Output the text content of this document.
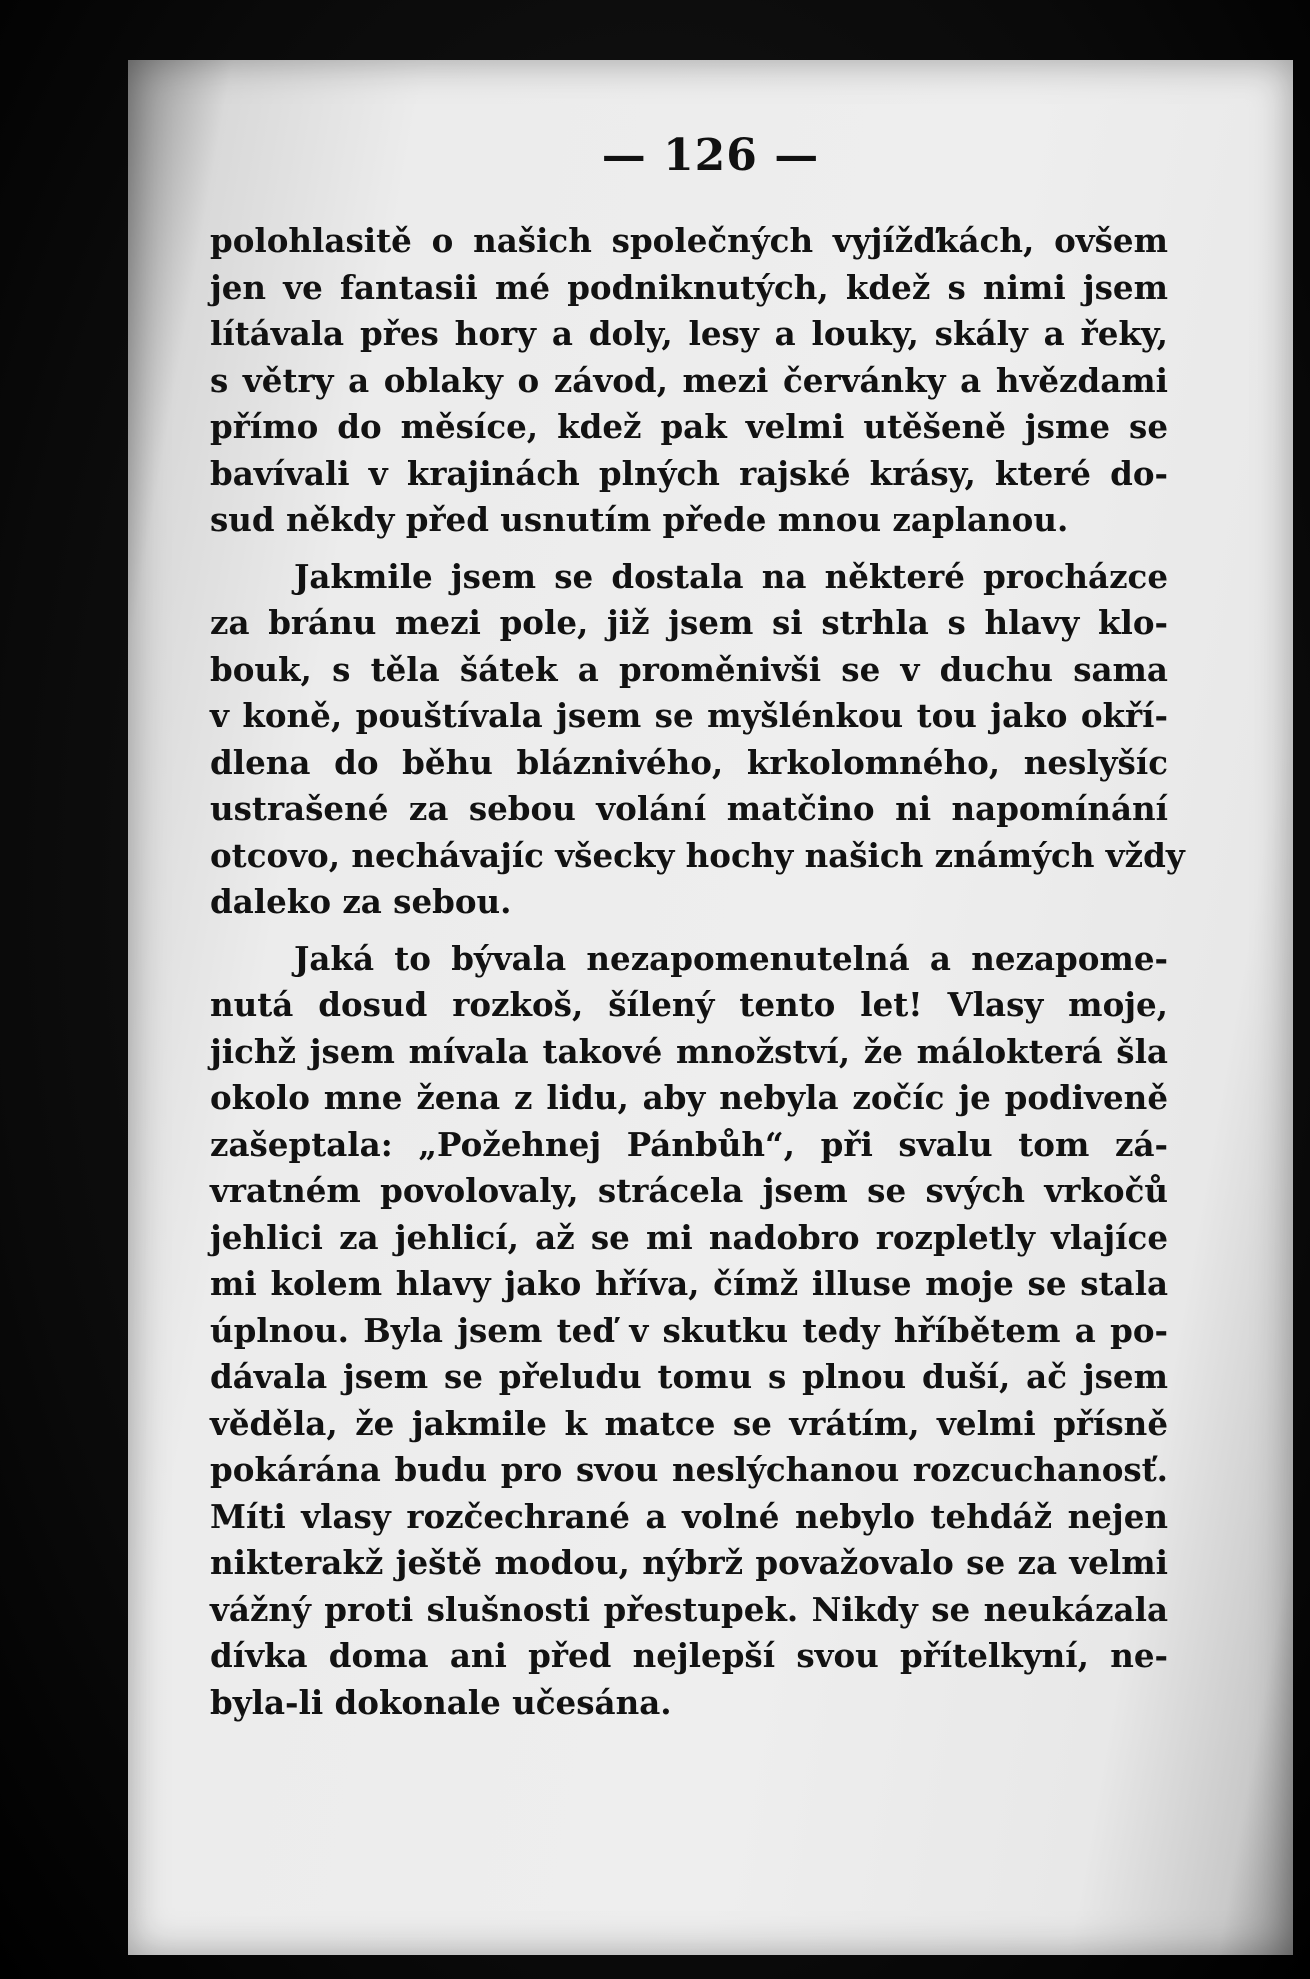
— 126 —
polohlasitě o našich společných vyjížďkách, ovšem
jen ve fantasii mé podniknutých, kdež s nimi jsem
lítávala přes hory a doly, lesy a louky, skály a řeky,
s větry a oblaky o závod, mezi červánky a hvězdami
přímo do měsíce, kdež pak velmi utěšeně jsme se
bavívali v krajinách plných rajské krásy, které do-
sud někdy před usnutím přede mnou zaplanou.
Jakmile jsem se dostala na některé procházce
za bránu mezi pole, již jsem si strhla s hlavy klo-
bouk, s těla šátek a proměnivši se v duchu sama
v koně, pouštívala jsem se myšlénkou tou jako okří-
dlena do běhu bláznivého, krkolomného, neslyšíc
ustrašené za sebou volání matčino ni napomínání
otcovo, nechávajíc všecky hochy našich známých vždy
daleko za sebou.
Jaká to bývala nezapomenutelná a nezapome-
nutá dosud rozkoš, šílený tento let! Vlasy moje,
jichž jsem mívala takové množství, že málokterá šla
okolo mne žena z lidu, aby nebyla zočíc je podiveně
zašeptala: „Požehnej Pánbůh“, při svalu tom zá-
vratném povolovaly, strácela jsem se svých vrkočů
jehlici za jehlicí, až se mi nadobro rozpletly vlajíce
mi kolem hlavy jako hříva, čímž illuse moje se stala
úplnou. Byla jsem teď v skutku tedy hříbětem a po-
dávala jsem se přeludu tomu s plnou duší, ač jsem
věděla, že jakmile k matce se vrátím, velmi přísně
pokárána budu pro svou neslýchanou rozcuchanosť.
Míti vlasy rozčechrané a volné nebylo tehdáž nejen
nikterakž ještě modou, nýbrž považovalo se za velmi
vážný proti slušnosti přestupek. Nikdy se neukázala
dívka doma ani před nejlepší svou přítelkyní, ne-
byla-li dokonale učesána.
